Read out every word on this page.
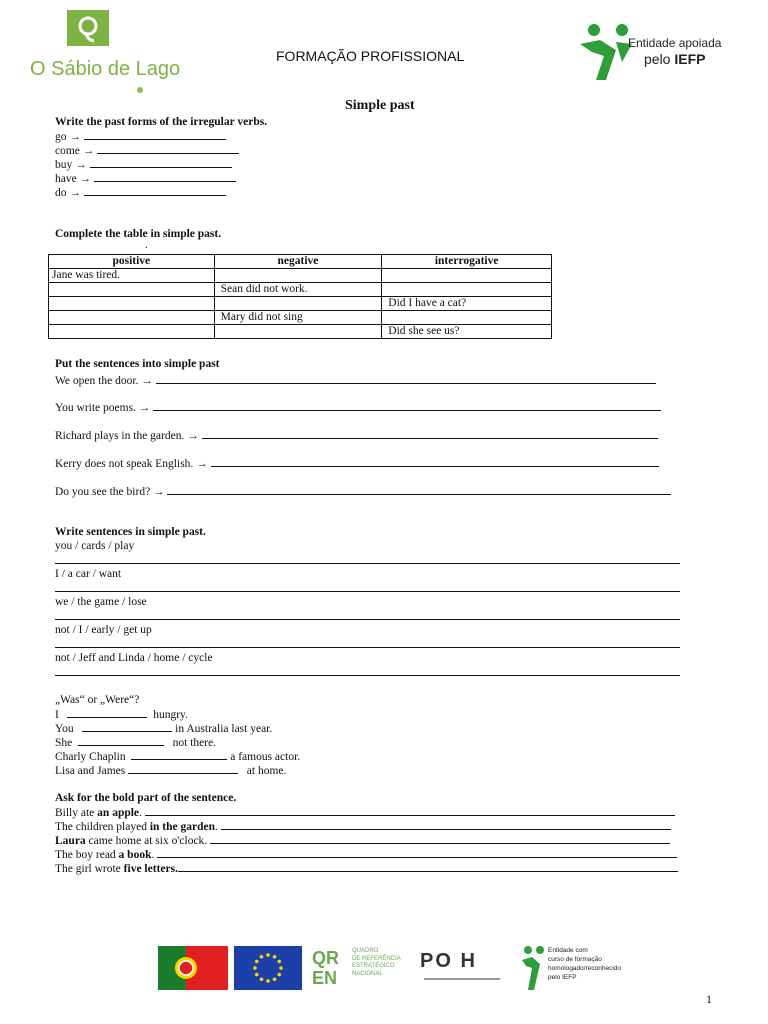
O Sábio de Lago
FORMAÇÃO PROFISSIONAL
Entidade apoiada
pelo IEFP
Simple past
Write the past forms of the irregular verbs.
go →
come →
buy →
have →
do →
Complete the table in simple past.
.
positive	negative	interrogative
Jane was tired.		
	Sean did not work.	
		Did I have a cat?
	Mary did not sing	
		Did she see us?
Put the sentences into simple past
We open the door. →
You write poems. →
Richard plays in the garden. →
Kerry does not speak English. →
Do you see the bird? →
Write sentences in simple past.
you / cards / play
I / a car / want
we / the game / lose
not / I / early / get up
not / Jeff and Linda / home / cycle
„Was“ or „Were“?
I	hungry.
You	in Australia last year.
She	not there.
Charly Chaplin	a famous actor.
Lisa and James	at home.
Ask for the bold part of the sentence.
Billy ate an apple.
The children played in the garden.
Laura came home at six o'clock.
The boy read a book.
The girl wrote five letters.
QR
EN
QUADRO
DE REFERÊNCIA
ESTRATÉGICO
NACIONAL
PO H	Entidade com
curso de formação
homologado/reconhecido
pelo IEFP
1
